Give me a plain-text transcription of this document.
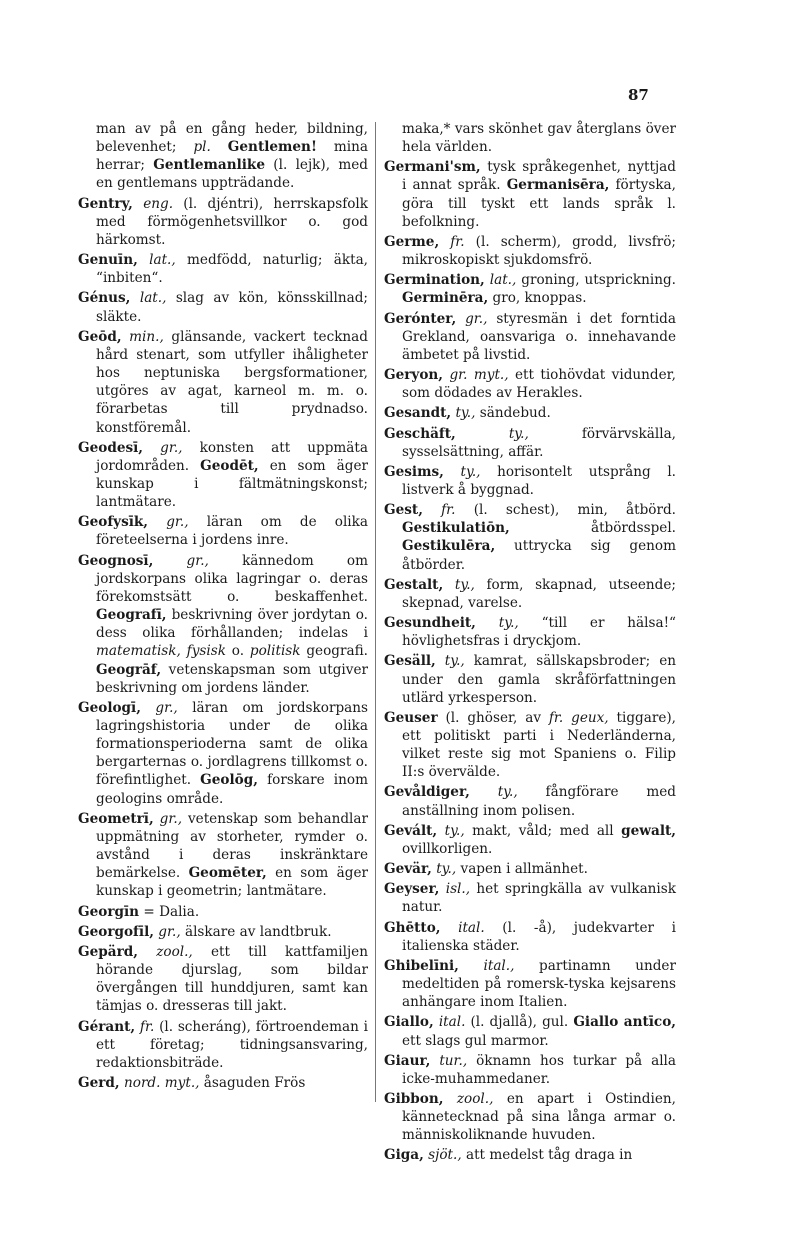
87

man av på en gång heder, bildning, belevenhet; pl. Gentlemen! mina herrar; Gentlemanlike (l. lejk), med en gentlemans uppträdande.

Gentry, eng. (l. djéntri), herrskapsfolk med förmögenhetsvillkor o. god härkomst.

Genuīn, lat., medfödd, naturlig; äkta, “inbiten“.

Génus, lat., slag av kön, könsskillnad; släkte.

Geōd, min., glänsande, vackert tecknad hård stenart, som utfyller ihåligheter hos neptuniska bergsformationer, utgöres av agat, karneol m. m. o. förarbetas till prydnadso. konstföremål.

Geodesī, gr., konsten att uppmäta jordområden. Geodēt, en som äger kunskap i fältmätningskonst; lantmätare.

Geofysīk, gr., läran om de olika företeelserna i jordens inre.

Geognosī, gr., kännedom om jordskorpans olika lagringar o. deras förekomstsätt o. beskaffenhet. Geografī, beskrivning över jordytan o. dess olika förhållanden; indelas i matematisk, fysisk o. politisk geografi. Geogrāf, vetenskapsman som utgiver beskrivning om jordens länder.

Geologī, gr., läran om jordskorpans lagringshistoria under de olika formationsperioderna samt de olika bergarternas o. jordlagrens tillkomst o. förefintlighet. Geolōg, forskare inom geologins område.

Geometrī, gr., vetenskap som behandlar uppmätning av storheter, rymder o. avstånd i deras inskränktare bemärkelse. Geomēter, en som äger kunskap i geometrin; lantmätare.

Georgīn = Dalia.

Georgofīl, gr., älskare av landtbruk.

Gepärd, zool., ett till kattfamiljen hörande djurslag, som bildar övergången till hunddjuren, samt kan tämjas o. dresseras till jakt.

Gérant, fr. (l. scheráng), förtroendeman i ett företag; tidningsansvaring, redaktionsbiträde.

Gerd, nord. myt., åsaguden Frös

maka,* vars skönhet gav återglans över hela världen.

Germani'sm, tysk språkegenhet, nyttjad i annat språk. Germanisēra, förtyska, göra till tyskt ett lands språk l. befolkning.

Germe, fr. (l. scherm), grodd, livsfrö; mikroskopiskt sjukdomsfrö.

Germination, lat., groning, utsprickning. Germinēra, gro, knoppas.

Gerónter, gr., styresmän i det forntida Grekland, oansvariga o. innehavande ämbetet på livstid.

Geryon, gr. myt., ett tiohövdat vidunder, som dödades av Herakles.

Gesandt, ty., sändebud.

Geschäft,	ty., förvärvskälla, sysselsättning, affär.

Gesims, ty., horisontelt utsprång l. listverk å byggnad.

Gest, fr. (l. schest), min, åtbörd. Gestikulatiōn, åtbördsspel. Gestikulēra, uttrycka sig genom åtbörder.

Gestalt, ty., form, skapnad, utseende; skepnad, varelse.

Gesundheit, ty., “till er hälsa!“ hövlighetsfras i dryckjom.

Gesäll, ty., kamrat, sällskapsbroder; en under den gamla skråförfattningen utlärd yrkesperson.

Geuser (l. ghöser, av fr. geux, tiggare), ett politiskt parti i Nederländerna, vilket reste sig mot Spaniens o. Filip II:s övervälde.

Gevåldiger, ty., fångförare med anställning inom polisen.

Gevált, ty., makt, våld; med all gewalt, ovillkorligen.

Gevär, ty., vapen i allmänhet.

Geyser, isl., het springkälla av vulkanisk natur.

Ghētto, ital. (l. -å), judekvarter i italienska städer.

Ghibelīni, ital., partinamn under medeltiden på romersk-tyska kejsarens anhängare inom Italien.

Giallo, ital. (l. djallå), gul. Giallo antīco, ett slags gul marmor.

Giaur, tur., öknamn hos turkar på alla icke-muhammedaner.

Gibbon, zool., en apart i Ostindien, kännetecknad på sina långa armar o. människoliknande huvuden.

Giga, sjöt., att medelst tåg draga in
